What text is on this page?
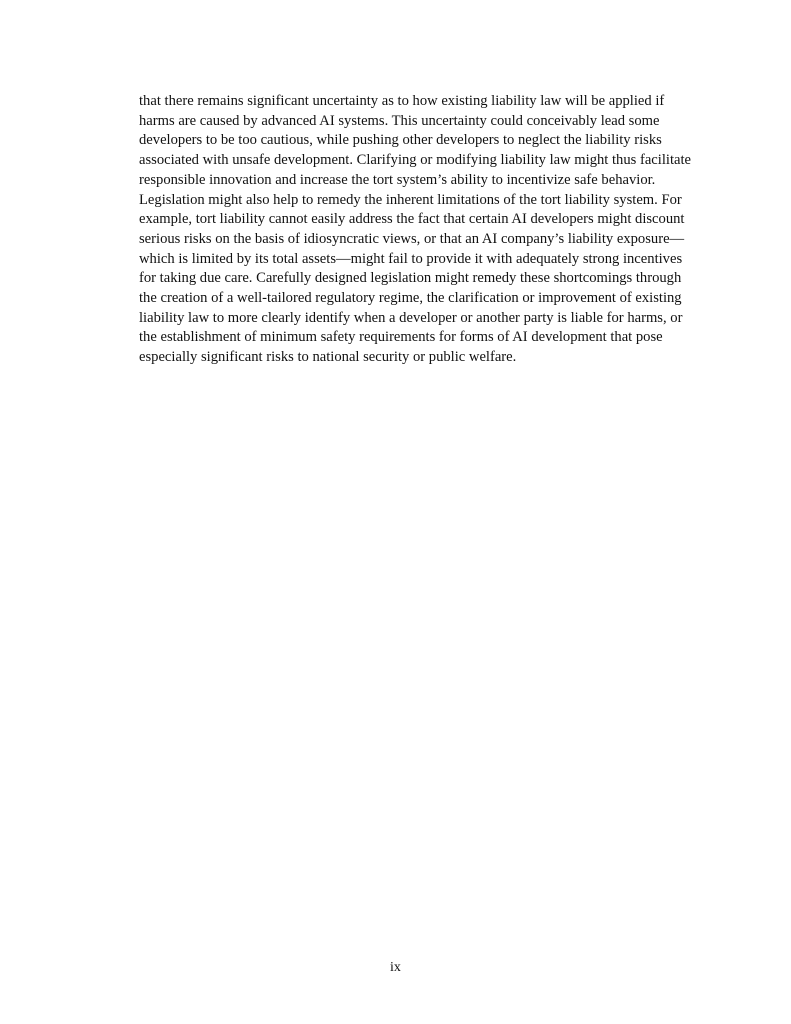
that there remains significant uncertainty as to how existing liability law will be applied if
harms are caused by advanced AI systems. This uncertainty could conceivably lead some
developers to be too cautious, while pushing other developers to neglect the liability risks
associated with unsafe development. Clarifying or modifying liability law might thus facilitate
responsible innovation and increase the tort system’s ability to incentivize safe behavior.
Legislation might also help to remedy the inherent limitations of the tort liability system. For
example, tort liability cannot easily address the fact that certain AI developers might discount
serious risks on the basis of idiosyncratic views, or that an AI company’s liability exposure—
which is limited by its total assets—might fail to provide it with adequately strong incentives
for taking due care. Carefully designed legislation might remedy these shortcomings through
the creation of a well-tailored regulatory regime, the clarification or improvement of existing
liability law to more clearly identify when a developer or another party is liable for harms, or
the establishment of minimum safety requirements for forms of AI development that pose
especially significant risks to national security or public welfare.

ix
